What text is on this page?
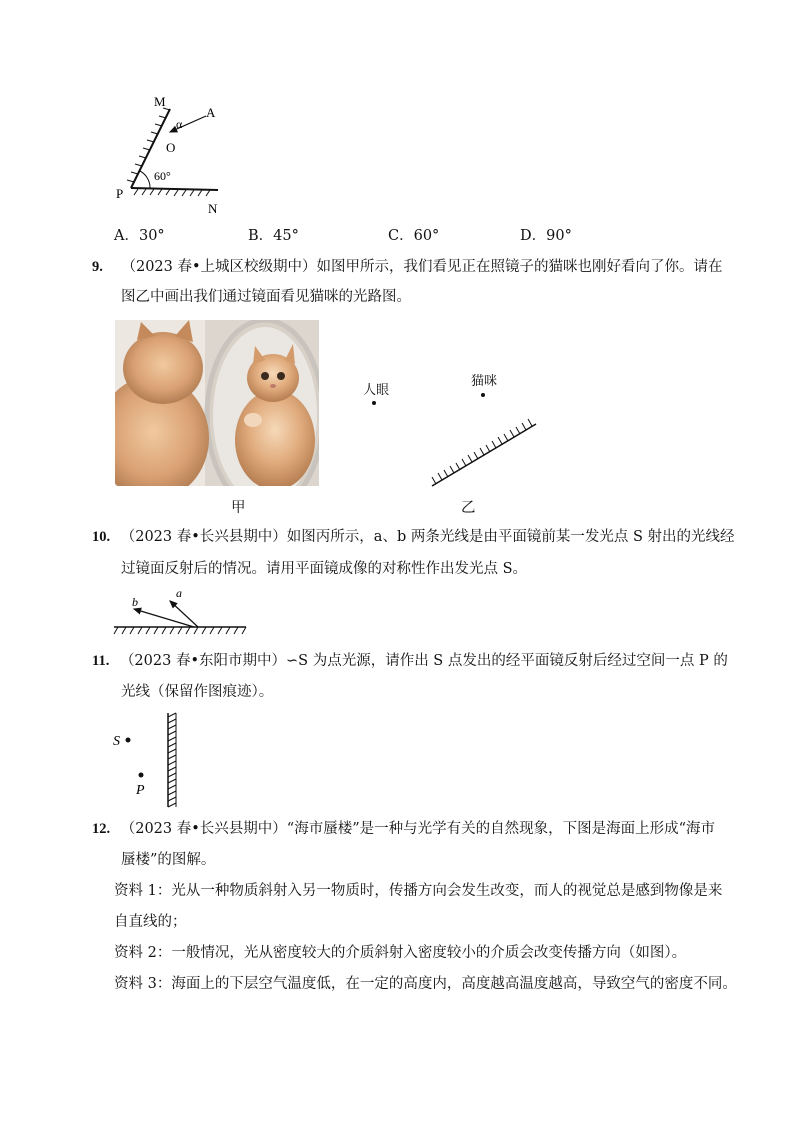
M
α
A
O
P
60°
N
A．30°	B．45°	C．60°	D．90°
9. （2023 春•上城区校级期中）如图甲所示，我们看见正在照镜子的猫咪也刚好看向了你。请在
图乙中画出我们通过镜面看见猫咪的光路图。
甲
人眼
猫咪
乙
10. （2023 春•长兴县期中）如图丙所示，a、b 两条光线是由平面镜前某一发光点 S 射出的光线经
过镜面反射后的情况。请用平面镜成像的对称性作出发光点 S。
b
a
11. （2023 春•东阳市期中）∽S 为点光源，请作出 S 点发出的经平面镜反射后经过空间一点 P 的
光线（保留作图痕迹）。
S
P
12. （2023 春•长兴县期中）“海市蜃楼”是一种与光学有关的自然现象，下图是海面上形成“海市
蜃楼”的图解。
资料 1：光从一种物质斜射入另一物质时，传播方向会发生改变，而人的视觉总是感到物像是来
自直线的；
资料 2：一般情况，光从密度较大的介质斜射入密度较小的介质会改变传播方向（如图）。
资料 3：海面上的下层空气温度低，在一定的高度内，高度越高温度越高，导致空气的密度不同。
